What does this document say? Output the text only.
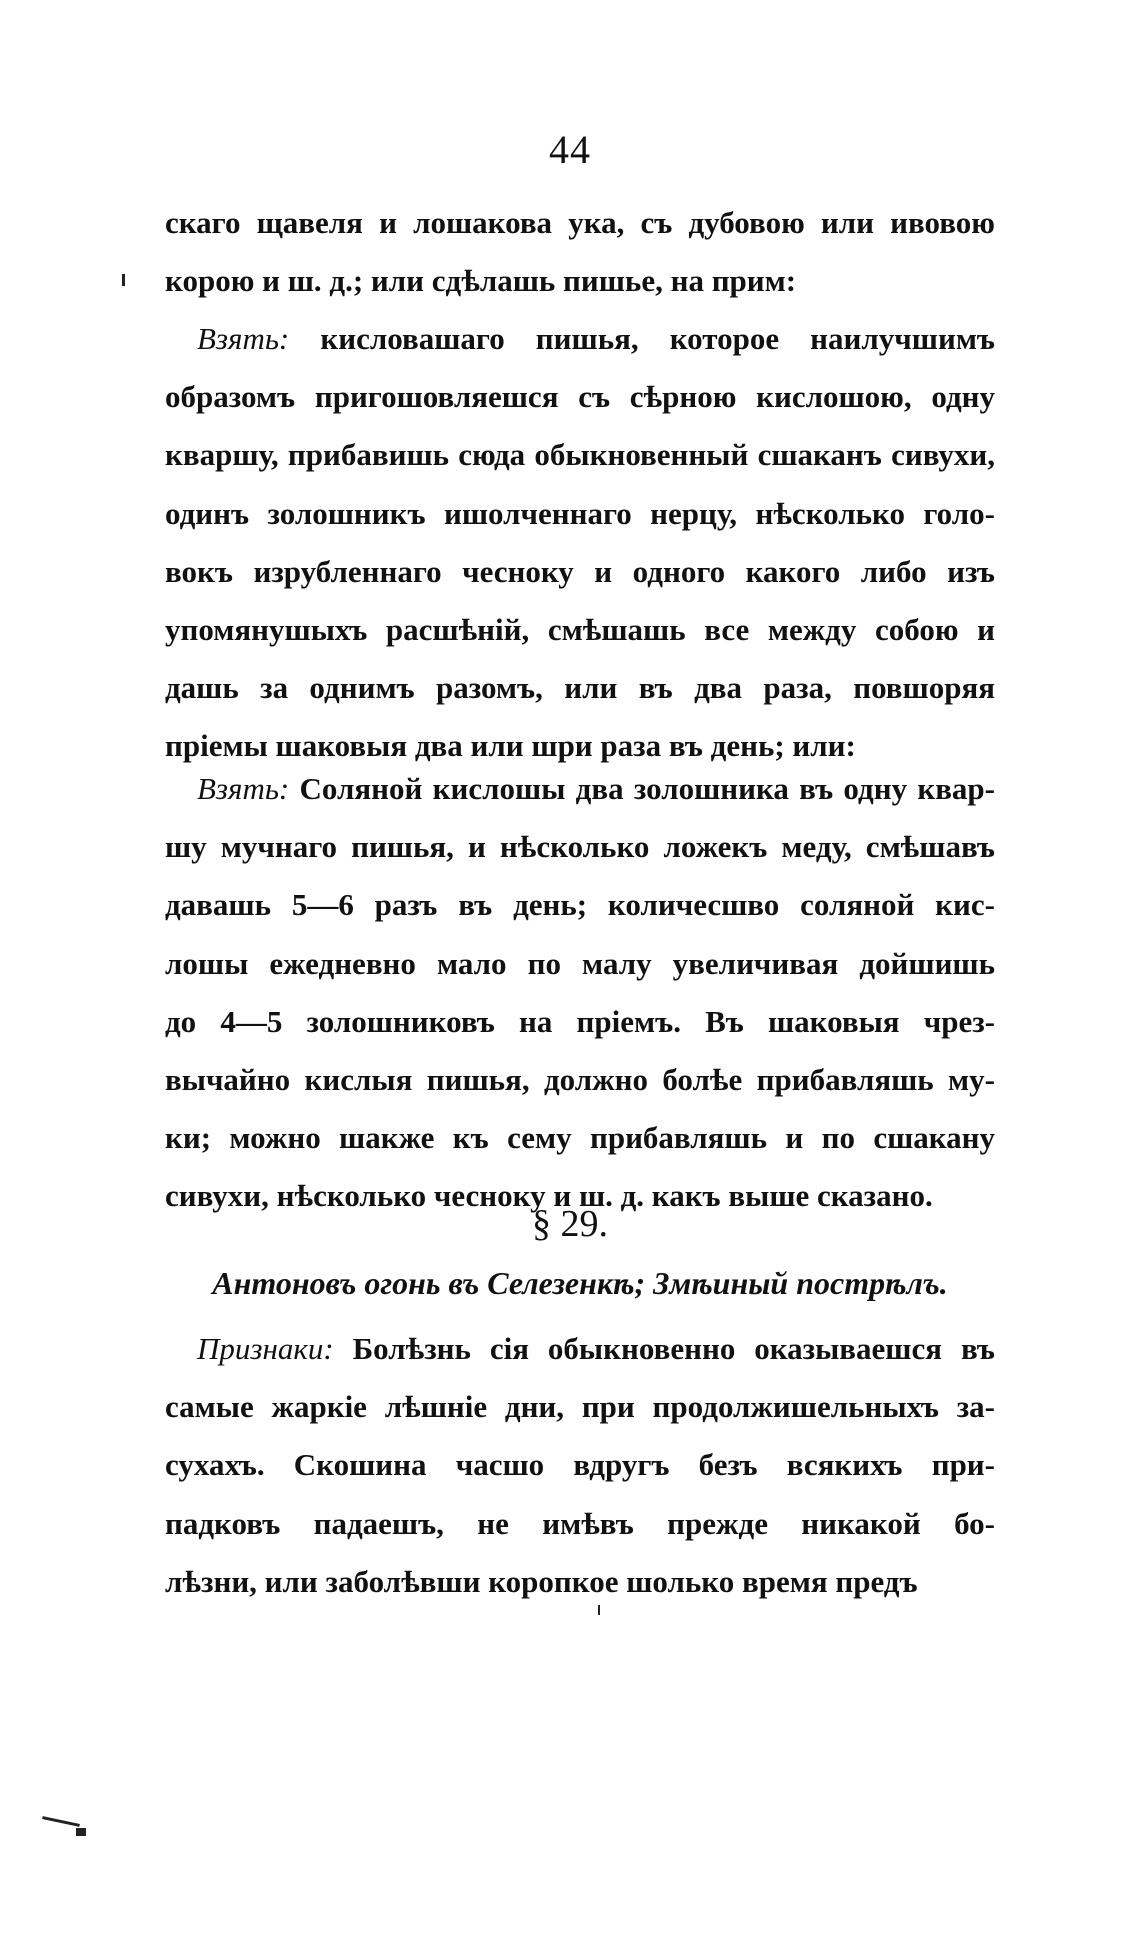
44
скаго щавеля и лошакова ука, съ дубовою или ивовою
корою и ш. д.; или сдѣлашь пишье, на прим:
Взять: кисловашаго пишья, которое наилучшимъ
образомъ пригошовляешся съ сѣрною кислошою, одну
кваршу, прибавишь сюда обыкновенный сшаканъ сивухи,
одинъ золошникъ ишолченнаго нерцу, нѣсколько голо-
вокъ изрубленнаго чесноку и одного какого либо изъ
упомянушыхъ расшѣнiй, смѣшашь все между собою и
дашь за однимъ разомъ, или въ два раза, повшоряя
прiемы шаковыя два или шри раза въ день; или:
Взять: Соляной кислошы два золошника въ одну квар-
шу мучнаго пишья, и нѣсколько ложекъ меду, смѣшавъ
давашь 5—6 разъ въ день; количесшво соляной кис-
лошы ежедневно мало по малу увеличивая дойшишь
до 4—5 золошниковъ на прiемъ. Въ шаковыя чрез-
вычайно кислыя пишья, должно болѣе прибавляшь му-
ки; можно шакже къ сему прибавляшь и по сшакану
сивухи, нѣсколько чесноку и ш. д. какъ выше сказано.
§ 29.
Антоновъ огонь въ Селезенкѣ; Змѣиный пострѣлъ.
Признаки: Болѣзнь сiя обыкновенно оказываешся въ
самые жаркiе лѣшнiе дни, при продолжишельныхъ за-
сухахъ. Скошина часшо вдругъ безъ всякихъ при-
падковъ падаешъ, не имѣвъ прежде никакой бо-
лѣзни, или заболѣвши коропкое шолько время предъ
